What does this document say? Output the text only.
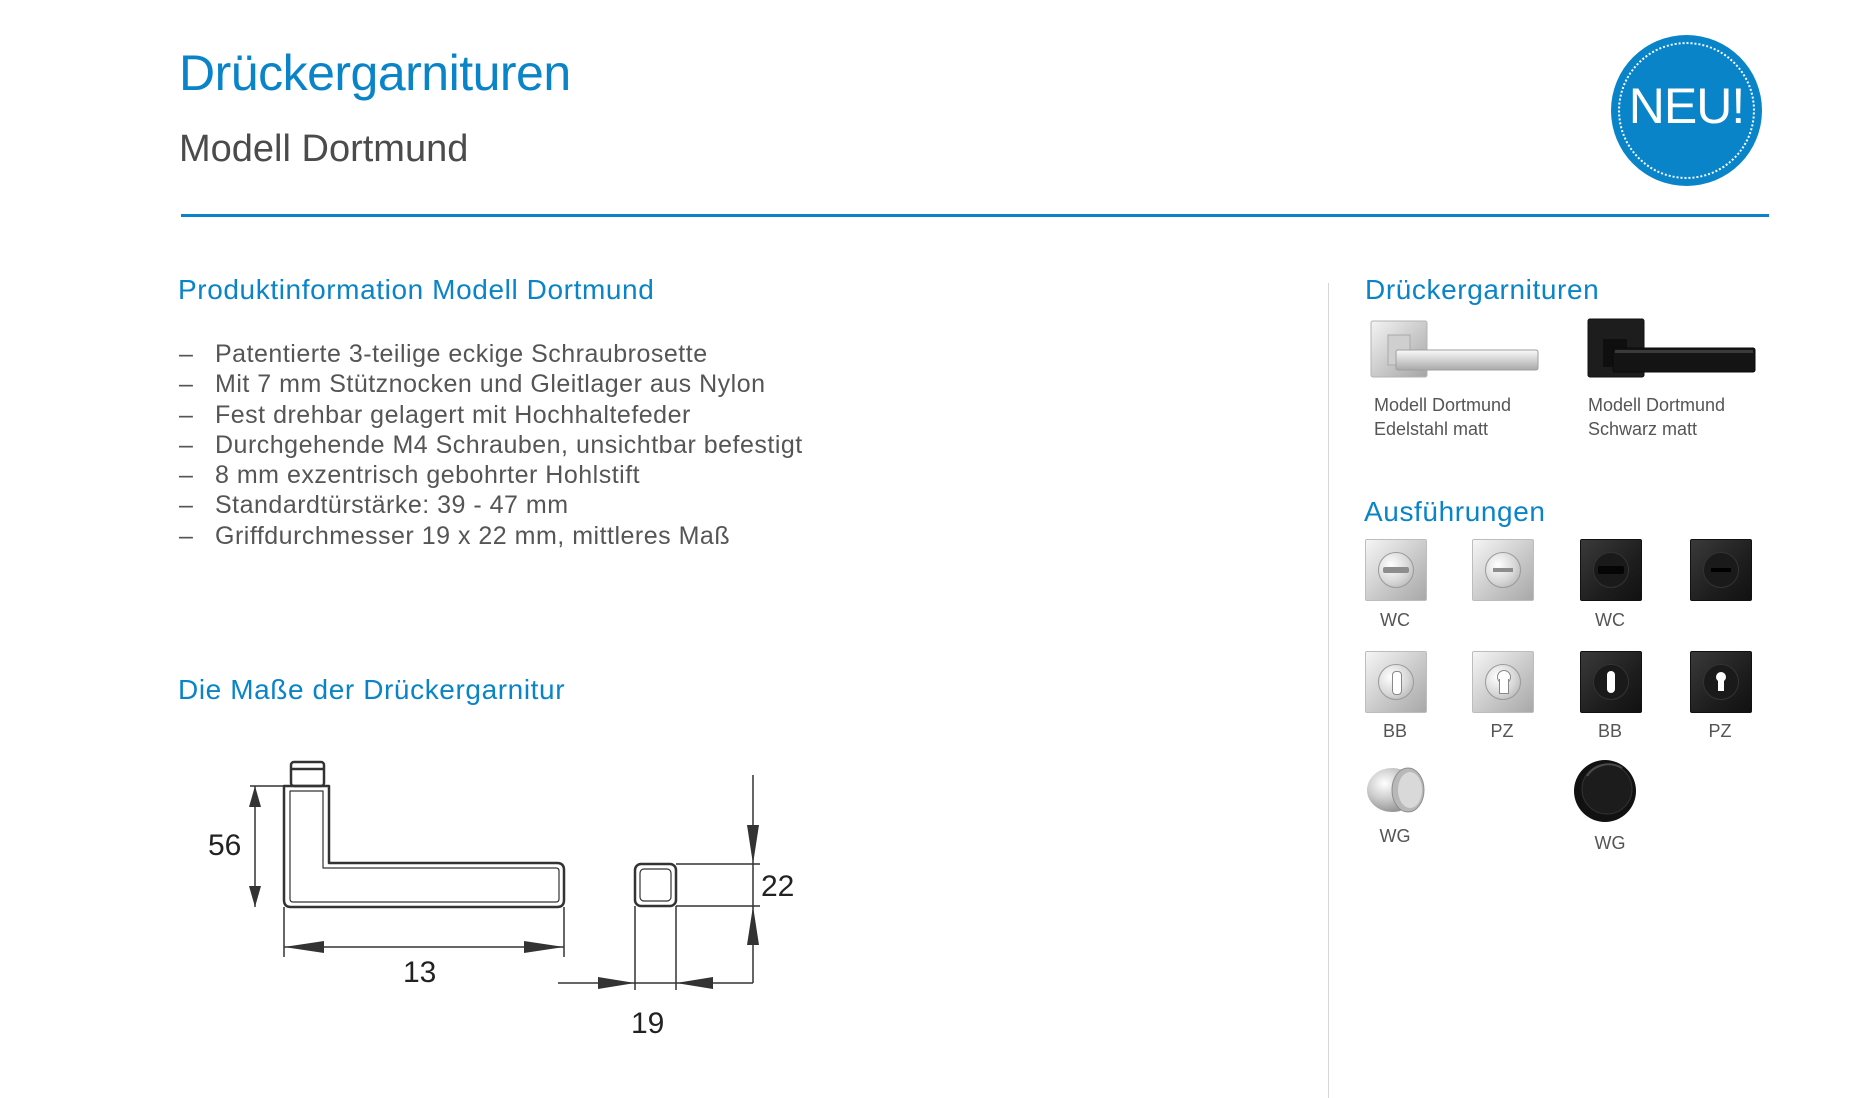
Drückergarnituren
Modell Dortmund
NEU!
Produktinformation Modell Dortmund
– Patentierte 3-teilige eckige Schraubrosette
– Mit 7 mm Stütznocken und Gleitlager aus Nylon
– Fest drehbar gelagert mit Hochhaltefeder
– Durchgehende M4 Schrauben, unsichtbar befestigt
– 8 mm exzentrisch gebohrter Hohlstift
– Standardtürstärke: 39 - 47 mm
– Griffdurchmesser 19 x 22 mm, mittleres Maß
Die Maße der Drückergarnitur
56
13
22
19
Drückergarnituren
Modell Dortmund
Edelstahl matt
Modell Dortmund
Schwarz matt
Ausführungen
WC	WC
BB	PZ	BB	PZ
WG	WG
